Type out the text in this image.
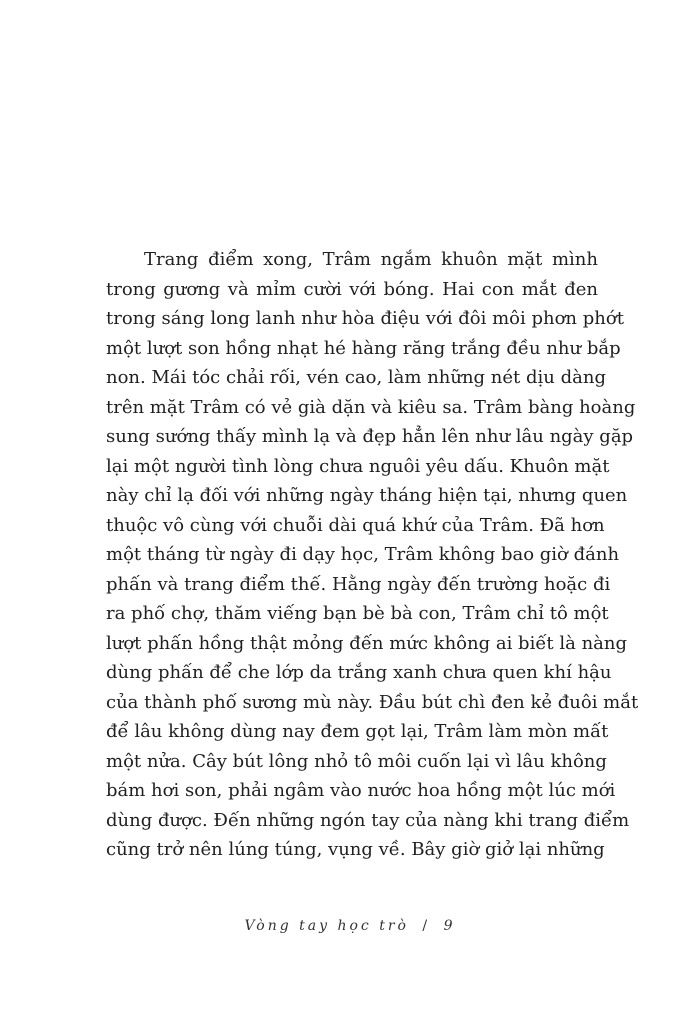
Trang điểm xong, Trâm ngắm khuôn mặt mình
trong gương và mỉm cười với bóng. Hai con mắt đen
trong sáng long lanh như hòa điệu với đôi môi phơn phớt
một lượt son hồng nhạt hé hàng răng trắng đều như bắp
non. Mái tóc chải rối, vén cao, làm những nét dịu dàng
trên mặt Trâm có vẻ già dặn và kiêu sa. Trâm bàng hoàng
sung sướng thấy mình lạ và đẹp hẳn lên như lâu ngày gặp
lại một người tình lòng chưa nguôi yêu dấu. Khuôn mặt
này chỉ lạ đối với những ngày tháng hiện tại, nhưng quen
thuộc vô cùng với chuỗi dài quá khứ của Trâm. Đã hơn
một tháng từ ngày đi dạy học, Trâm không bao giờ đánh
phấn và trang điểm thế. Hằng ngày đến trường hoặc đi
ra phố chợ, thăm viếng bạn bè bà con, Trâm chỉ tô một
lượt phấn hồng thật mỏng đến mức không ai biết là nàng
dùng phấn để che lớp da trắng xanh chưa quen khí hậu
của thành phố sương mù này. Đầu bút chì đen kẻ đuôi mắt
để lâu không dùng nay đem gọt lại, Trâm làm mòn mất
một nửa. Cây bút lông nhỏ tô môi cuốn lại vì lâu không
bám hơi son, phải ngâm vào nước hoa hồng một lúc mới
dùng được. Đến những ngón tay của nàng khi trang điểm
cũng trở nên lúng túng, vụng về. Bây giờ giở lại những
Vòng tay học trò / 9
